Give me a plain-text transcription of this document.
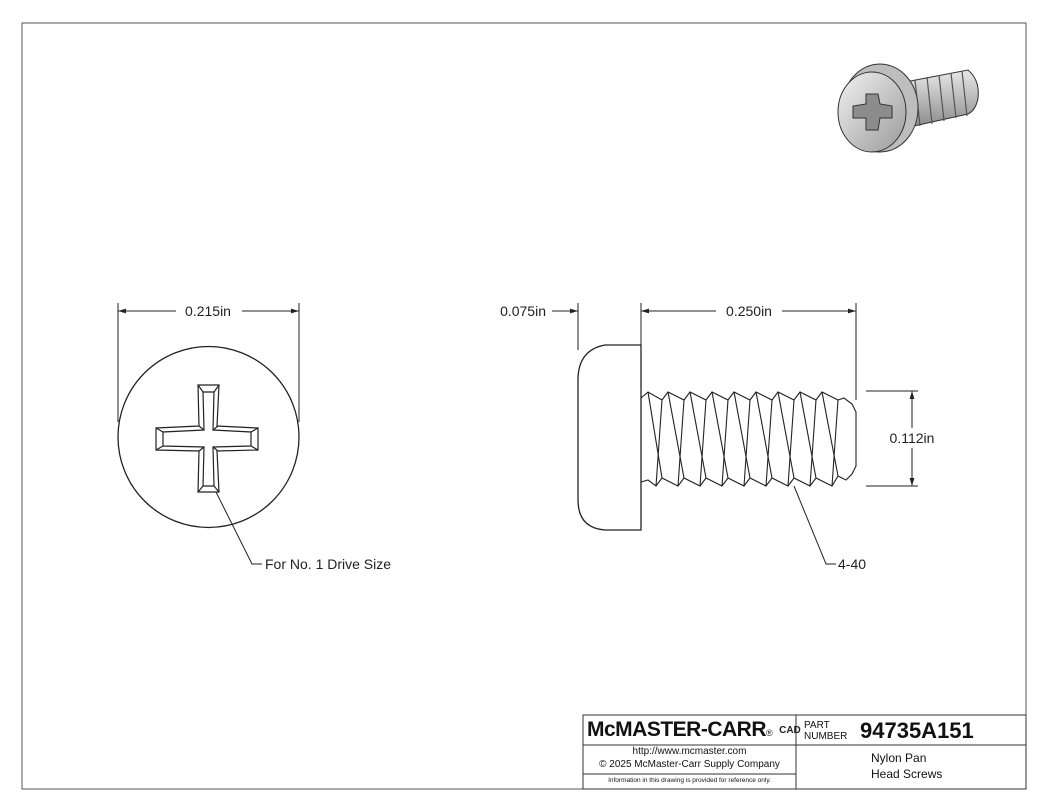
0.215in
For No. 1 Drive Size
0.075in	0.250in
0.112in
4-40
McMASTER-CARR® CAD
http://www.mcmaster.com
© 2025 McMaster-Carr Supply Company
Information in this drawing is provided for reference only.
PART
NUMBER 94735A151
Nylon Pan
Head Screws
